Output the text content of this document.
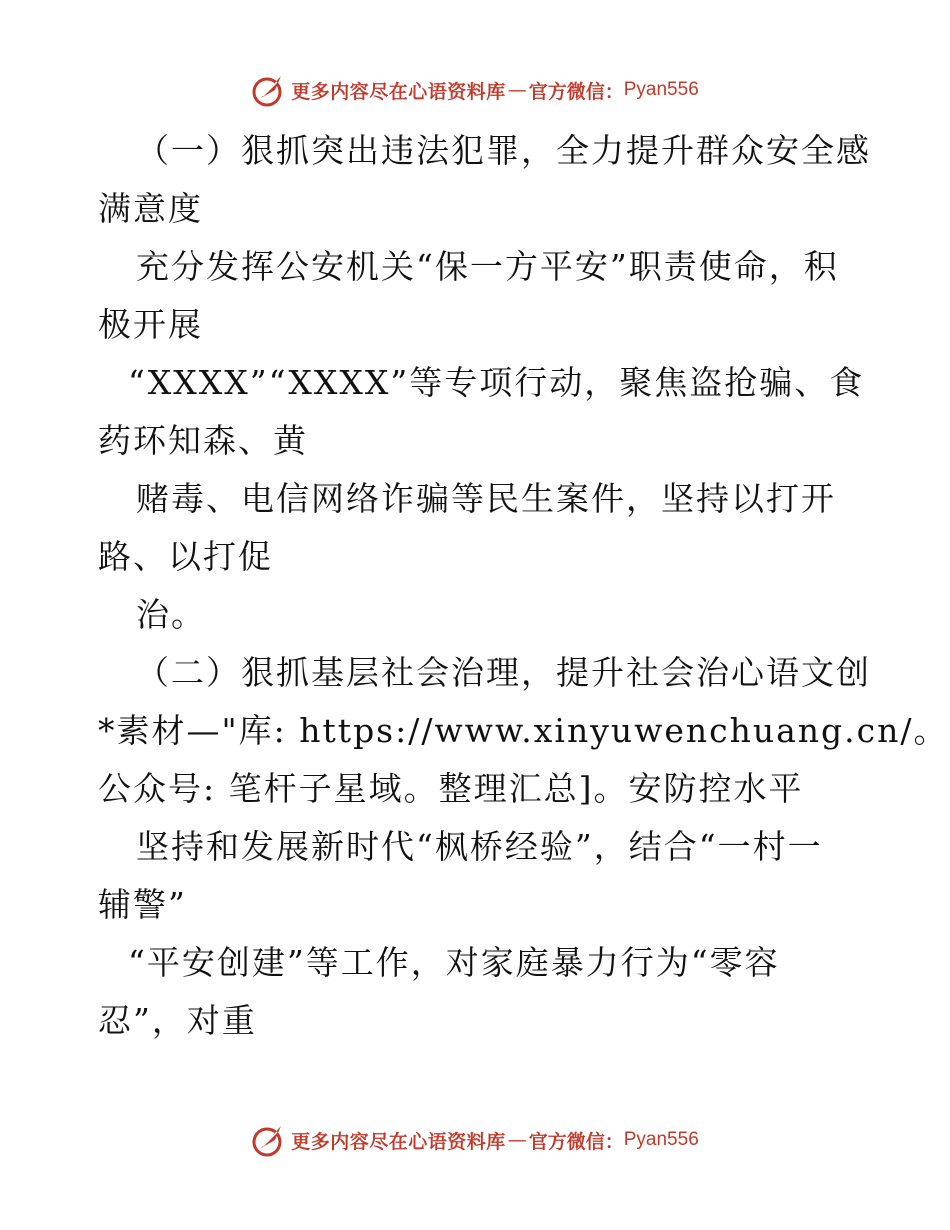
更多内容尽在心语资料库 — 官方微信： Pyan556
（一）狠抓突出违法犯罪，全力提升群众安全感
满意度
充分发挥公安机关“保一方平安”职责使命，积
极开展
“XXXX”“XXXX”等专项行动，聚焦盗抢骗、食
药环知森、黄
赌毒、电信网络诈骗等民生案件，坚持以打开
路、以打促
治。
（二）狠抓基层社会治理，提升社会治心语文创
*素材—"库: https://www.xinyuwenchuang.cn/。
公众号: 笔杆子星域。整理汇总]。安防控水平
坚持和发展新时代“枫桥经验”，结合“一村一
辅警”
“平安创建”等工作，对家庭暴力行为“零容
忍”，对重
更多内容尽在心语资料库 — 官方微信： Pyan556
